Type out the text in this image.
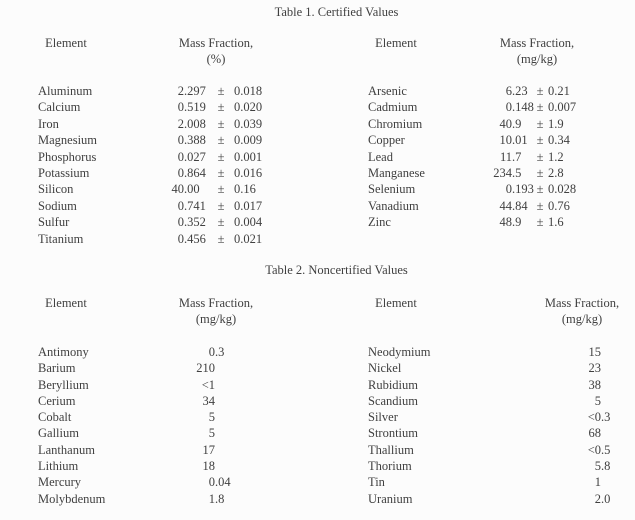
Table 1. Certified Values
Element	Mass Fraction,
(%)
Aluminum	2 .297 ± 0.018
Calcium	0 .519 ± 0.020
Iron	2 .008 ± 0.039
Magnesium	0 .388 ± 0.009
Phosphorus	0 .027 ± 0.001
Potassium	0 .864 ± 0.016
Silicon	40 .00	± 0.16
Sodium	0 .741 ± 0.017
Sulfur	0 .352 ± 0.004
Titanium	0 .456 ± 0.021
Element	Mass Fraction,
(mg/kg)
Arsenic	6 .23 ± 0.21
Cadmium	0 .148 ± 0.007
Chromium	40 .9	± 1.9
Copper	10 .01 ± 0.34
Lead	11 .7	± 1.2
Manganese	234 .5	± 2.8
Selenium	0 .193 ± 0.028
Vanadium	44 .84 ± 0.76
Zinc	48 .9	± 1.6
Table 2. Noncertified Values
Element	Mass Fraction,
(mg/kg)
Antimony	0 .3
Barium	210
Beryllium	<1
Cerium	34
Cobalt	5
Gallium	5
Lanthanum	17
Lithium	18
Mercury	0 .04
Molybdenum	1 .8
Element	Mass Fraction,
(mg/kg)
Neodymium	15
Nickel	23
Rubidium	38
Scandium	5
Silver	<0 .3
Strontium	68
Thallium	<0 .5
Thorium	5 .8
Tin	1
Uranium	2 .0
